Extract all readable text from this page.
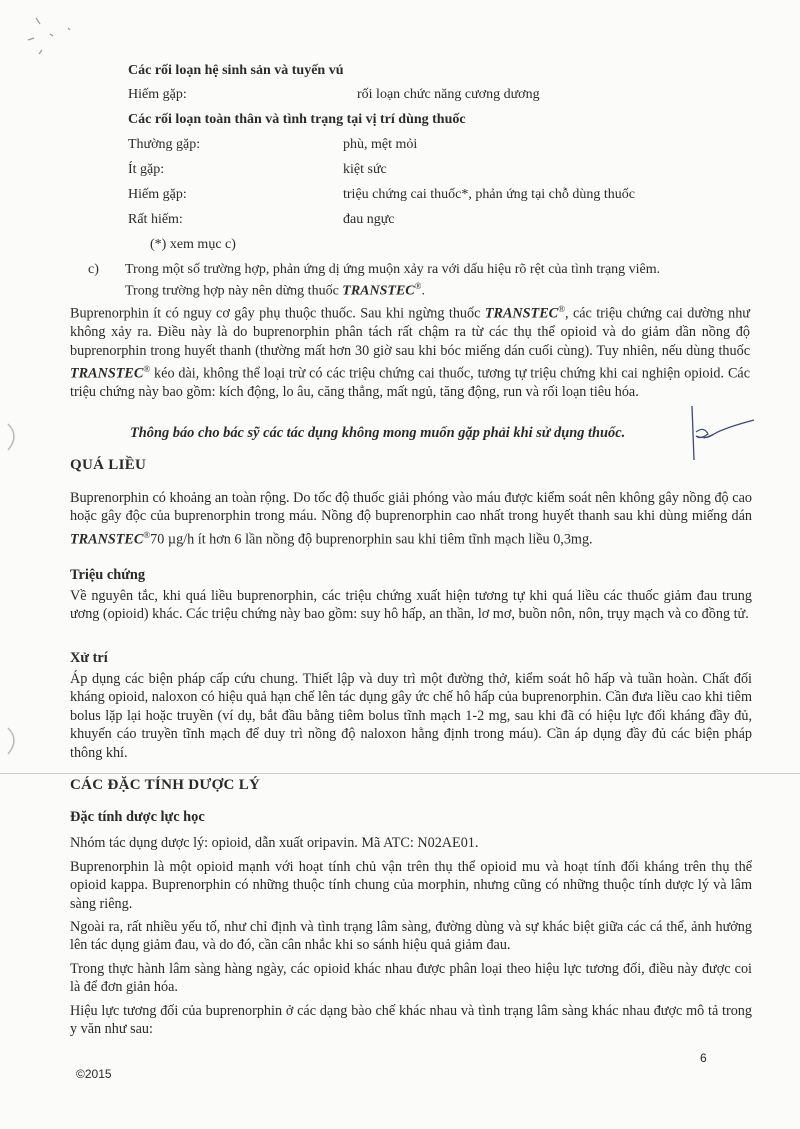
Các rối loạn hệ sinh sản và tuyến vú
Hiếm gặp:	rối loạn chức năng cương dương
Các rối loạn toàn thân và tình trạng tại vị trí dùng thuốc
Thường gặp:	phù, mệt mỏi
Ít gặp:	kiệt sức
Hiếm gặp:	triệu chứng cai thuốc*, phản ứng tại chỗ dùng thuốc
Rất hiếm:	đau ngực
(*) xem mục c)
c) Trong một số trường hợp, phản ứng dị ứng muộn xảy ra với dấu hiệu rõ rệt của tình trạng viêm.
Trong trường hợp này nên dừng thuốc TRANSTEC®.
Buprenorphin ít có nguy cơ gây phụ thuộc thuốc. Sau khi ngừng thuốc TRANSTEC®, các triệu chứng cai dường như không xảy ra. Điều này là do buprenorphin phân tách rất chậm ra từ các thụ thể opioid và do giảm dần nồng độ buprenorphin trong huyết thanh (thường mất hơn 30 giờ sau khi bóc miếng dán cuối cùng). Tuy nhiên, nếu dùng thuốc TRANSTEC® kéo dài, không thể loại trừ có các triệu chứng cai thuốc, tương tự triệu chứng khi cai nghiện opioid. Các triệu chứng này bao gồm: kích động, lo âu, căng thẳng, mất ngủ, tăng động, run và rối loạn tiêu hóa.
Thông báo cho bác sỹ các tác dụng không mong muốn gặp phải khi sử dụng thuốc.
QUÁ LIỀU
Buprenorphin có khoảng an toàn rộng. Do tốc độ thuốc giải phóng vào máu được kiểm soát nên không gây nồng độ cao hoặc gây độc của buprenorphin trong máu. Nồng độ buprenorphin cao nhất trong huyết thanh sau khi dùng miếng dán TRANSTEC®70 µg/h ít hơn 6 lần nồng độ buprenorphin sau khi tiêm tĩnh mạch liều 0,3mg.
Triệu chứng
Về nguyên tắc, khi quá liều buprenorphin, các triệu chứng xuất hiện tương tự khi quá liều các thuốc giảm đau trung ương (opioid) khác. Các triệu chứng này bao gồm: suy hô hấp, an thần, lơ mơ, buồn nôn, nôn, trụy mạch và co đồng tử.
Xử trí
Áp dụng các biện pháp cấp cứu chung. Thiết lập và duy trì một đường thở, kiểm soát hô hấp và tuần hoàn. Chất đối kháng opioid, naloxon có hiệu quả hạn chế lên tác dụng gây ức chế hô hấp của buprenorphin. Cần đưa liều cao khi tiêm bolus lặp lại hoặc truyền (ví dụ, bắt đầu bằng tiêm bolus tĩnh mạch 1-2 mg, sau khi đã có hiệu lực đối kháng đầy đủ, khuyến cáo truyền tĩnh mạch để duy trì nồng độ naloxon hằng định trong máu). Cần áp dụng đầy đủ các biện pháp thông khí.
CÁC ĐẶC TÍNH DƯỢC LÝ
Đặc tính dược lực học
Nhóm tác dụng dược lý: opioid, dẫn xuất oripavin. Mã ATC: N02AE01.
Buprenorphin là một opioid mạnh với hoạt tính chủ vận trên thụ thể opioid mu và hoạt tính đối kháng trên thụ thể opioid kappa. Buprenorphin có những thuộc tính chung của morphin, nhưng cũng có những thuộc tính dược lý và lâm sàng riêng.
Ngoài ra, rất nhiều yếu tố, như chỉ định và tình trạng lâm sàng, đường dùng và sự khác biệt giữa các cá thể, ảnh hưởng lên tác dụng giảm đau, và do đó, cần cân nhắc khi so sánh hiệu quả giảm đau.
Trong thực hành lâm sàng hàng ngày, các opioid khác nhau được phân loại theo hiệu lực tương đối, điều này được coi là để đơn giản hóa.
Hiệu lực tương đối của buprenorphin ở các dạng bào chế khác nhau và tình trạng lâm sàng khác nhau được mô tả trong y văn như sau:
6
©2015
